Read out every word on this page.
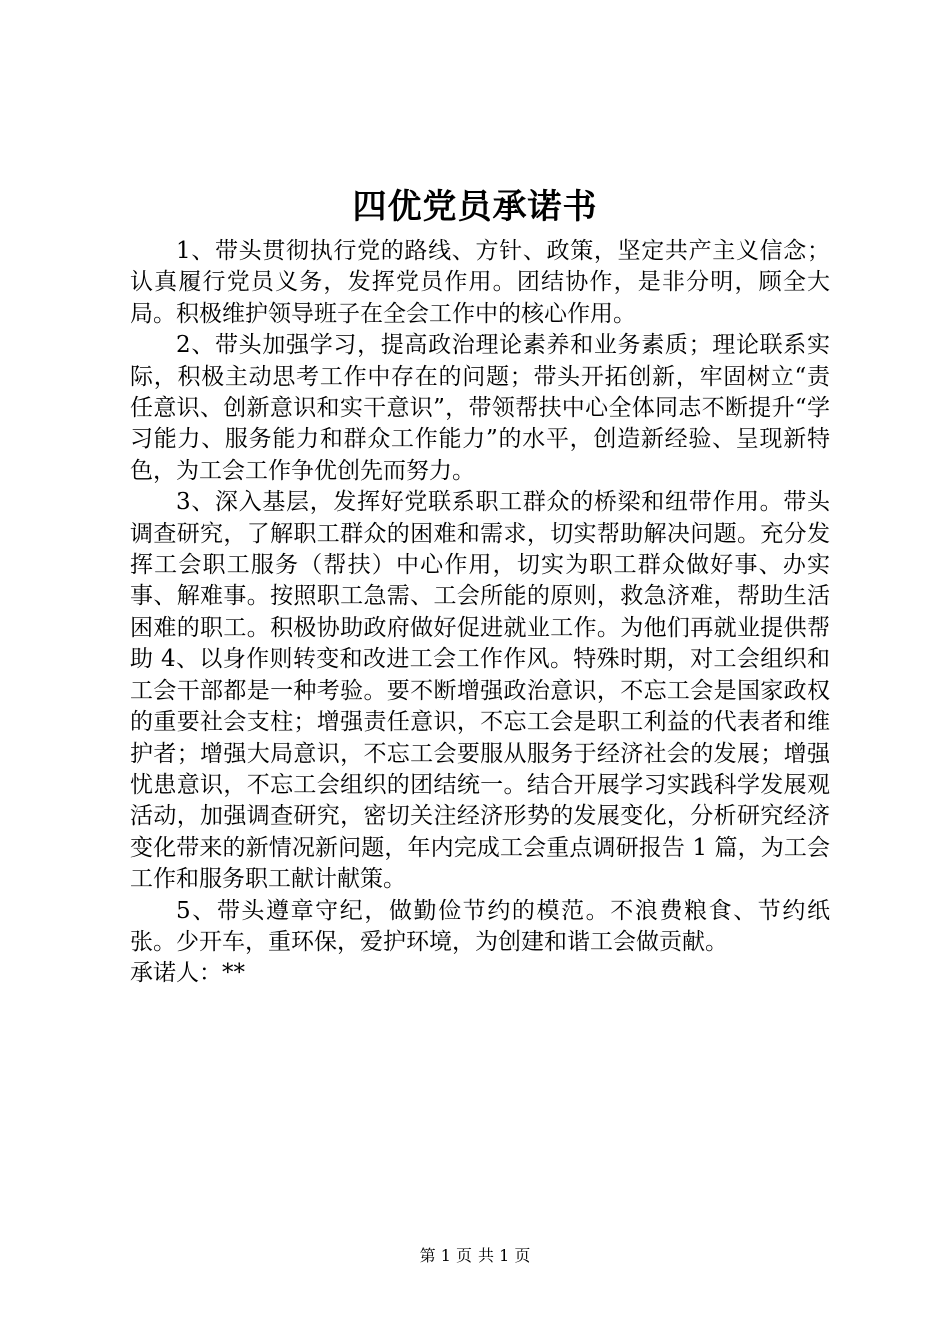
四优党员承诺书

1、带头贯彻执行党的路线、方针、政策，坚定共产主义信念；认真履行党员义务，发挥党员作用。团结协作，是非分明，顾全大局。积极维护领导班子在全会工作中的核心作用。

2、带头加强学习，提高政治理论素养和业务素质；理论联系实际，积极主动思考工作中存在的问题；带头开拓创新，牢固树立“责任意识、创新意识和实干意识”，带领帮扶中心全体同志不断提升“学习能力、服务能力和群众工作能力”的水平，创造新经验、呈现新特色，为工会工作争优创先而努力。

3、深入基层，发挥好党联系职工群众的桥梁和纽带作用。带头调查研究，了解职工群众的困难和需求，切实帮助解决问题。充分发挥工会职工服务（帮扶）中心作用，切实为职工群众做好事、办实事、解难事。按照职工急需、工会所能的原则，救急济难，帮助生活困难的职工。积极协助政府做好促进就业工作。为他们再就业提供帮助 4、以身作则转变和改进工会工作作风。特殊时期，对工会组织和工会干部都是一种考验。要不断增强政治意识，不忘工会是国家政权的重要社会支柱；增强责任意识，不忘工会是职工利益的代表者和维护者；增强大局意识，不忘工会要服从服务于经济社会的发展；增强忧患意识，不忘工会组织的团结统一。结合开展学习实践科学发展观活动，加强调查研究，密切关注经济形势的发展变化，分析研究经济变化带来的新情况新问题，年内完成工会重点调研报告 1 篇，为工会工作和服务职工献计献策。

5、带头遵章守纪，做勤俭节约的模范。不浪费粮食、节约纸张。少开车，重环保，爱护环境，为创建和谐工会做贡献。

承诺人：**

第 1 页 共 1 页
